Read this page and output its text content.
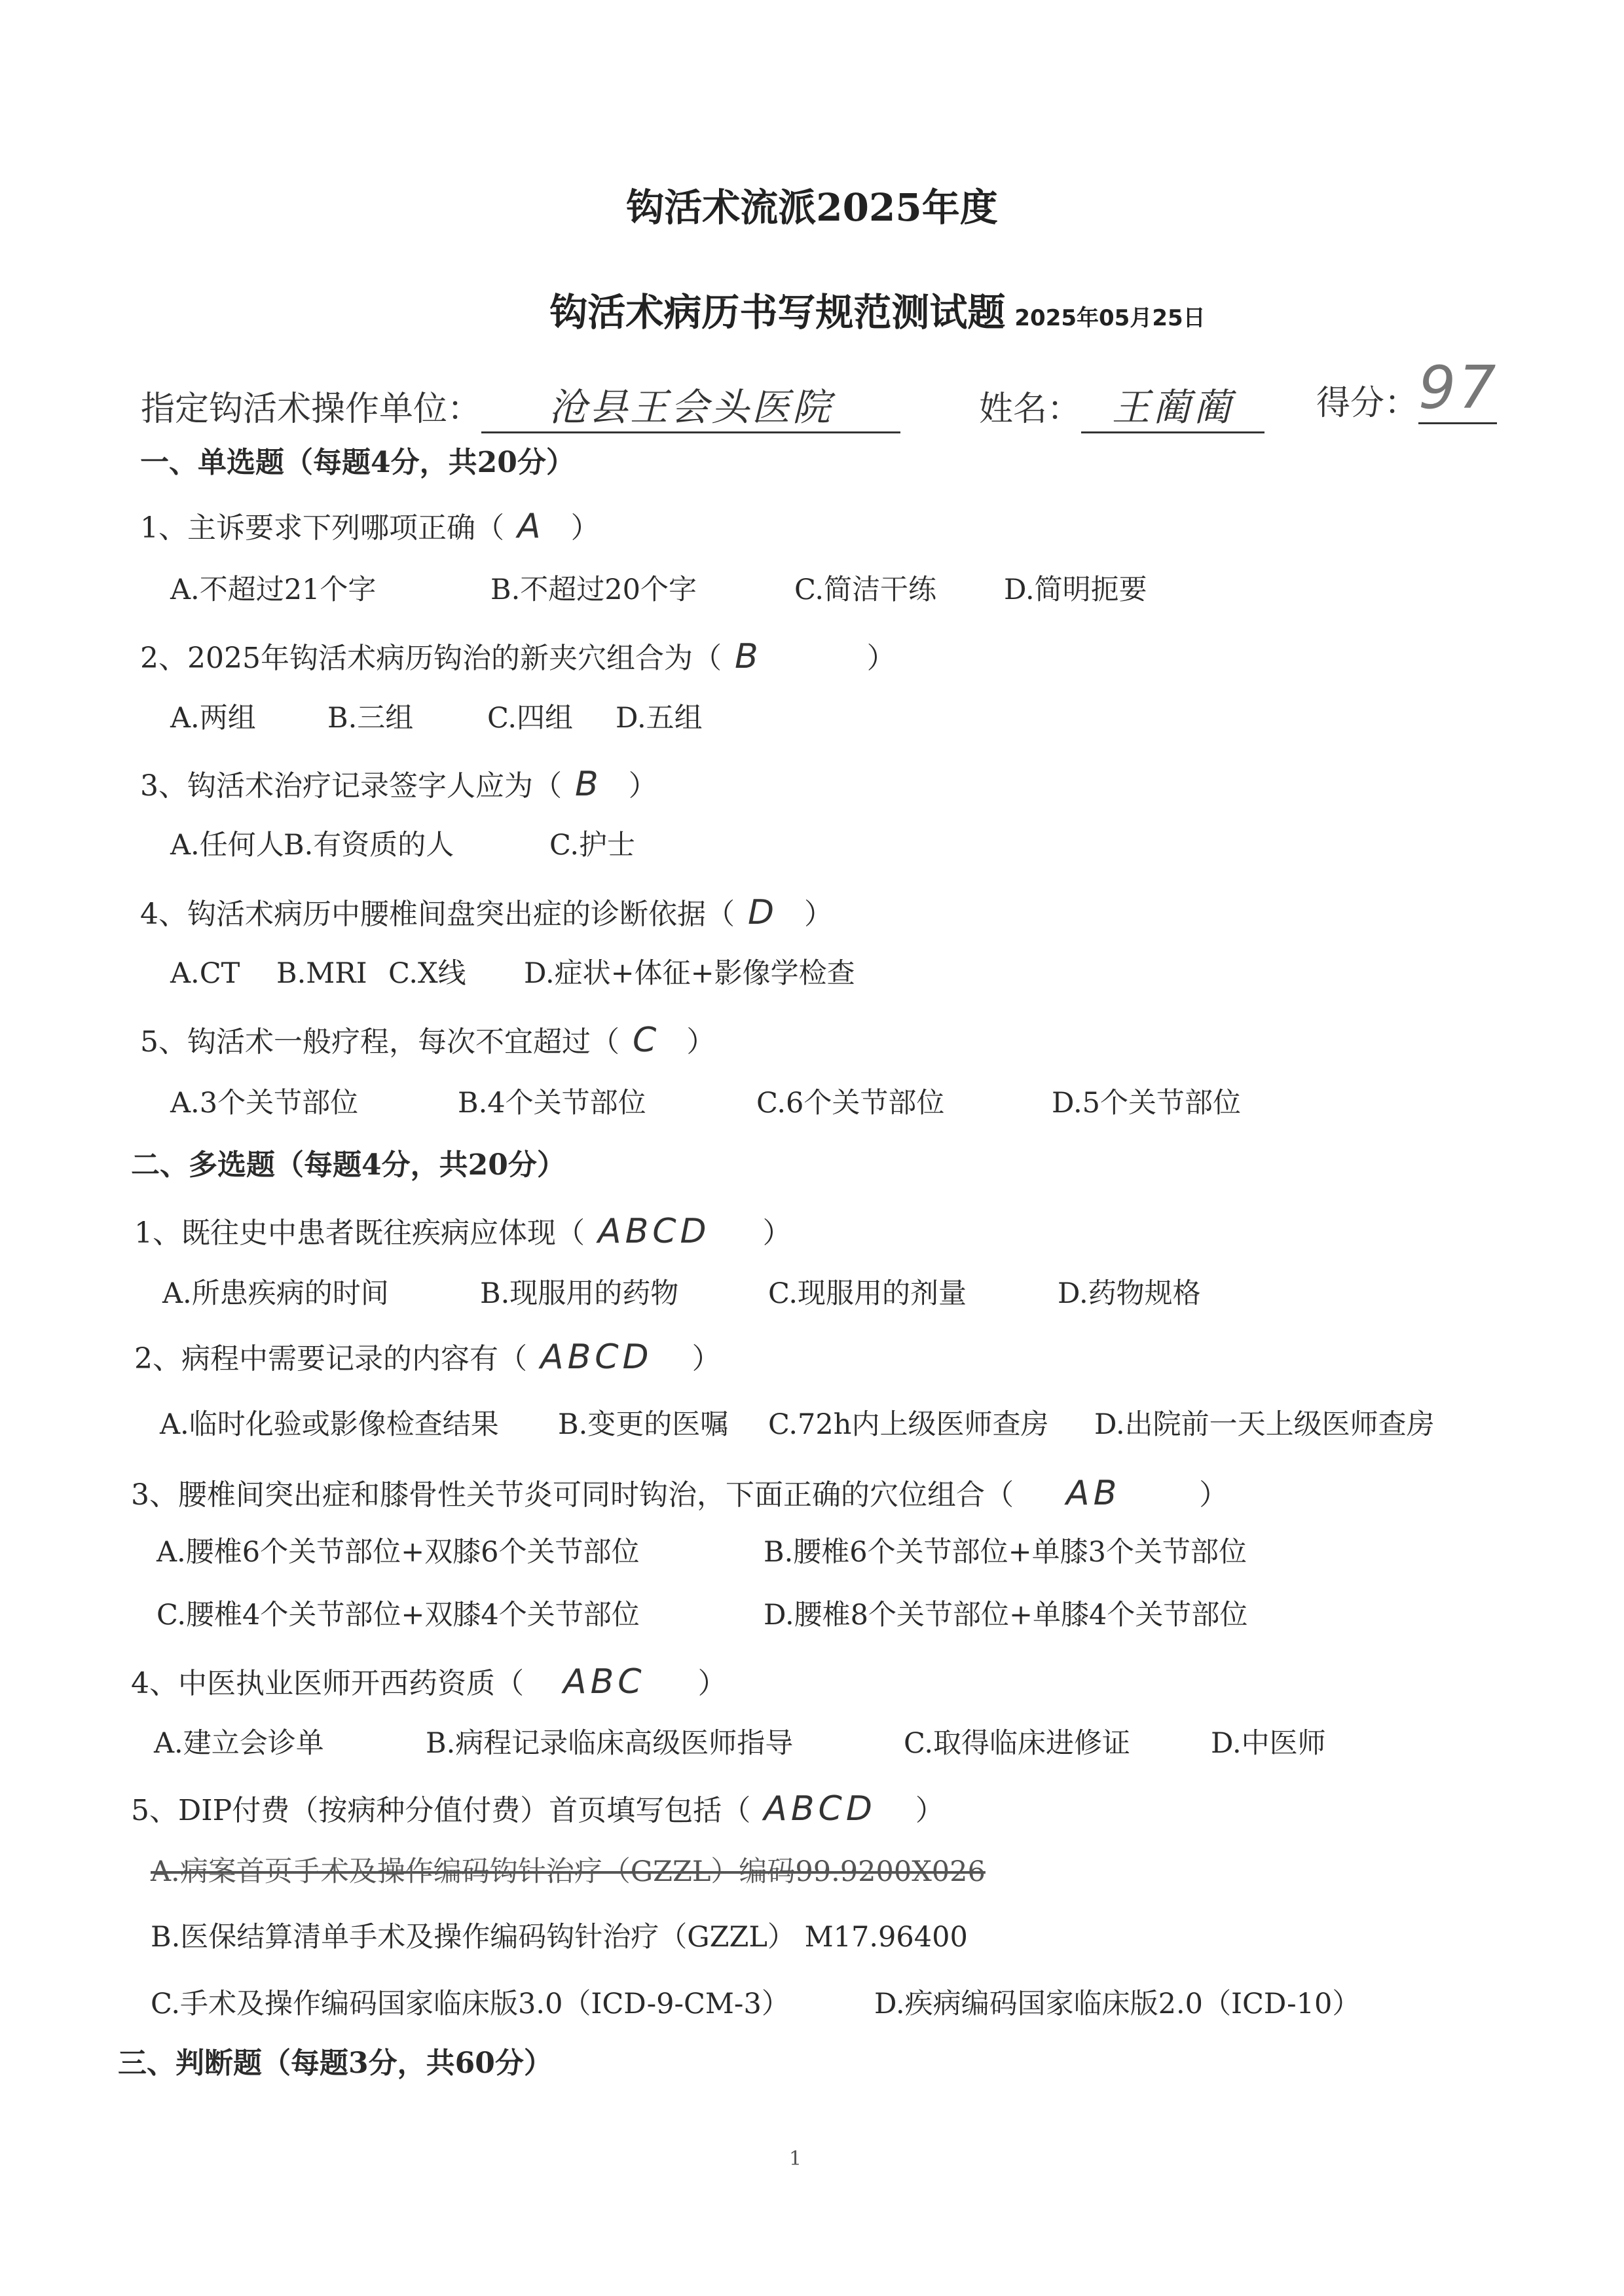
钩活术流派2025年度
钩活术病历书写规范测试题 2025年05月25日
指定钩活术操作单位： 沧县王会头医院	姓名： 王蔺蔺	得分：97
一、单选题（每题4分，共20分）
1、主诉要求下列哪项正确（ A ）
A.不超过21个字	B.不超过20个字	C.简洁干练 D.简明扼要
2、2025年钩活术病历钩治的新夹穴组合为（ B	）
A.两组	B.三组	C.四组 D.五组
3、钩活术治疗记录签字人应为（ B ）
A.任何人 B.有资质的人	C.护士
4、钩活术病历中腰椎间盘突出症的诊断依据（ D ）
A.CT B.MRI C.X线 D.症状+体征+影像学检查
5、钩活术一般疗程，每次不宜超过（ C ）
A.3个关节部位	B.4个关节部位	C.6个关节部位	D.5个关节部位
二、多选题（每题4分，共20分）
1、既往史中患者既往疾病应体现（ ABCD ）
A.所患疾病的时间	B.现服用的药物	C.现服用的剂量	D.药物规格
2、病程中需要记录的内容有（ ABCD ）
A.临时化验或影像检查结果 B.变更的医嘱 C.72h内上级医师查房 D.出院前一天上级医师查房
3、腰椎间突出症和膝骨性关节炎可同时钩治，下面正确的穴位组合（ AB	）
A.腰椎6个关节部位+双膝6个关节部位	B.腰椎6个关节部位+单膝3个关节部位
C.腰椎4个关节部位+双膝4个关节部位	D.腰椎8个关节部位+单膝4个关节部位
4、中医执业医师开西药资质（ ABC ）
A.建立会诊单	B.病程记录临床高级医师指导	C.取得临床进修证	D.中医师
5、DIP付费（按病种分值付费）首页填写包括（ ABCD ）
A.病案首页手术及操作编码钩针治疗（GZZL）编码99.9200X026
B.医保结算清单手术及操作编码钩针治疗（GZZL） M17.96400
C.手术及操作编码国家临床版3.0（ICD-9-CM-3）	D.疾病编码国家临床版2.0（ICD-10）
三、判断题（每题3分，共60分）
1
